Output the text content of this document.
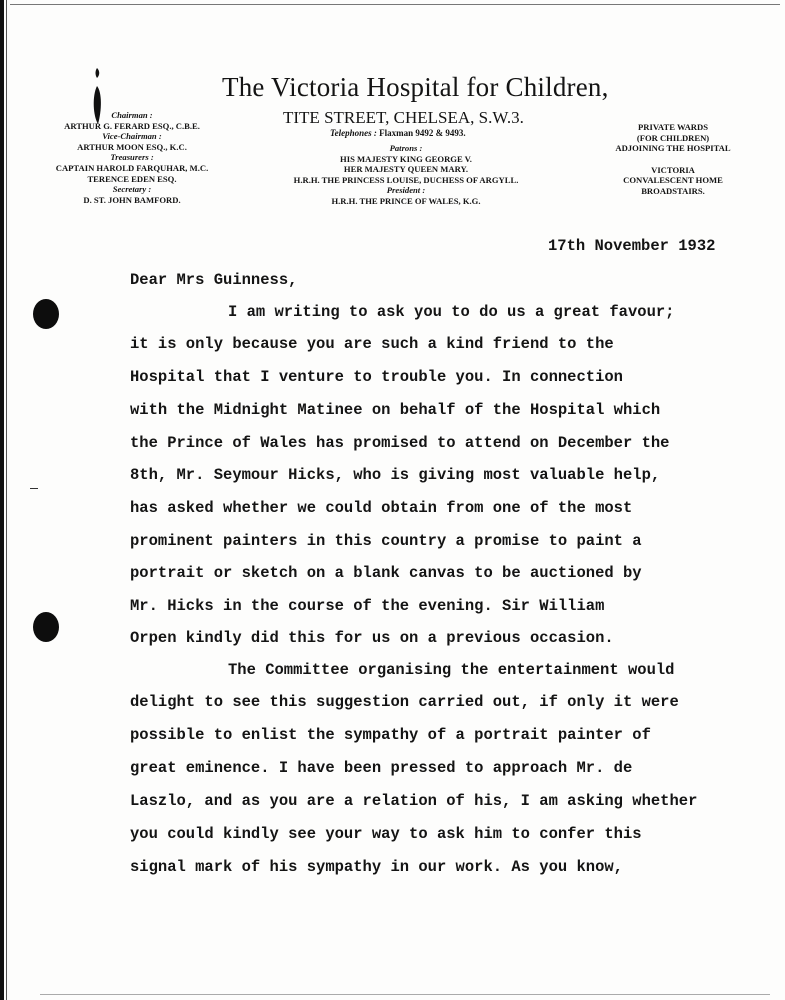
The Victoria Hospital for Children,
TITE STREET, CHELSEA, S.W.3.
Telephones : Flaxman 9492 & 9493.
Chairman :
ARTHUR G. FERARD ESQ., C.B.E.
Vice-Chairman :
ARTHUR MOON ESQ., K.C.
Treasurers :
CAPTAIN HAROLD FARQUHAR, M.C.
TERENCE EDEN ESQ.
Secretary :
D. ST. JOHN BAMFORD.
Patrons :
HIS MAJESTY KING GEORGE V.
HER MAJESTY QUEEN MARY.
H.R.H. THE PRINCESS LOUISE, DUCHESS OF ARGYLL.
President :
H.R.H. THE PRINCE OF WALES, K.G.
PRIVATE WARDS
(FOR CHILDREN)
ADJOINING THE HOSPITAL
VICTORIA
CONVALESCENT HOME
BROADSTAIRS.
17th November 1932
Dear Mrs Guinness,
I am writing to ask you to do us a great favour;
it is only because you are such a kind friend to the
Hospital that I venture to trouble you. In connection
with the Midnight Matinee on behalf of the Hospital which
the Prince of Wales has promised to attend on December the
8th, Mr. Seymour Hicks, who is giving most valuable help,
has asked whether we could obtain from one of the most
prominent painters in this country a promise to paint a
portrait or sketch on a blank canvas to be auctioned by
Mr. Hicks in the course of the evening. Sir William
Orpen kindly did this for us on a previous occasion.
The Committee organising the entertainment would
delight to see this suggestion carried out, if only it were
possible to enlist the sympathy of a portrait painter of
great eminence. I have been pressed to approach Mr. de
Laszlo, and as you are a relation of his, I am asking whether
you could kindly see your way to ask him to confer this
signal mark of his sympathy in our work. As you know,
